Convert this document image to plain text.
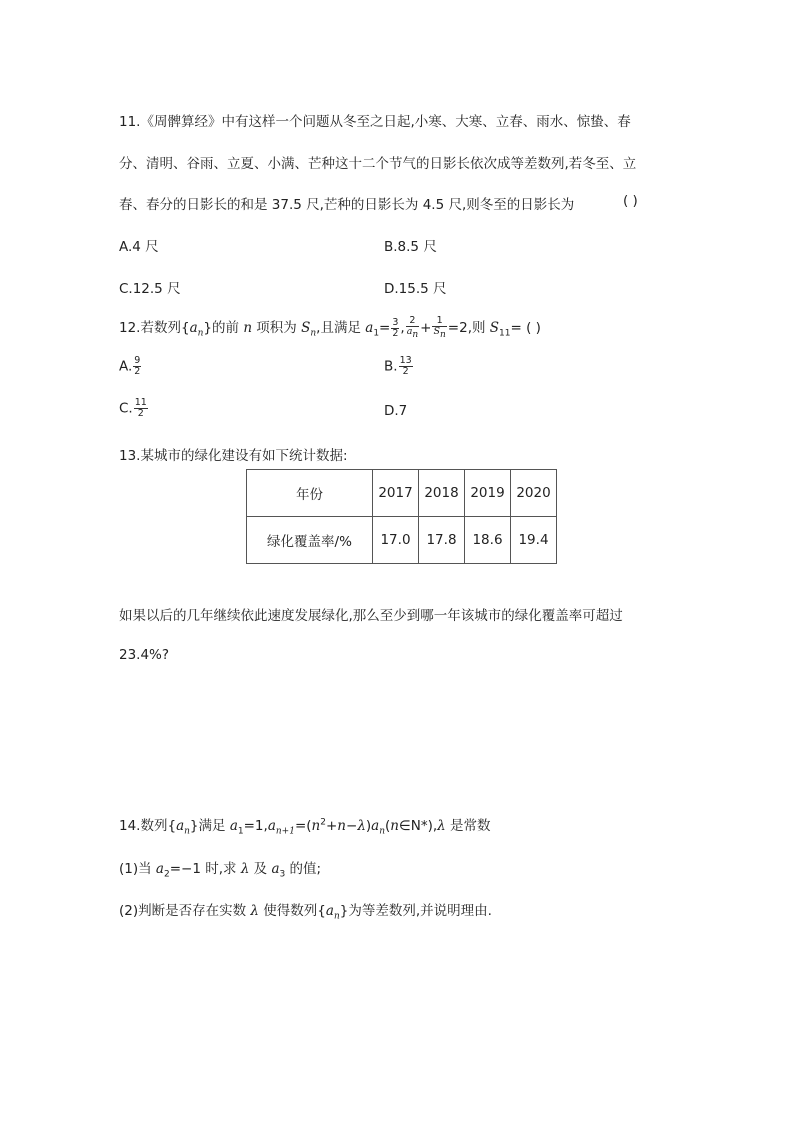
11.《周髀算经》中有这样一个问题从冬至之日起,小寒、大寒、立春、雨水、惊蛰、春
分、清明、谷雨、立夏、小满、芒种这十二个节气的日影长依次成等差数列,若冬至、立
春、春分的日影长的和是 37.5 尺,芒种的日影长为 4.5 尺,则冬至的日影长为	( )
A.4 尺	B.8.5 尺
C.12.5 尺	D.15.5 尺
12.若数列$\{a_n\}$的前 n 项积为 $S_n$,且满足 $a_1= \frac{3}{2}$ , $\frac{2}{a_n} + \frac{1}{S_n} =2$,则 $S_{11}=$ ( )
A. $\frac{9}{2}$	B. $\frac{13}{2}$
C. $\frac{11}{2}$	D.7
13.某城市的绿化建设有如下统计数据:
年份	2017	2018	2019	2020
绿化覆盖率/%	17.0	17.8	18.6	19.4
如果以后的几年继续依此速度发展绿化,那么至少到哪一年该城市的绿化覆盖率可超过
23.4%?
14.数列$\{a_n\}$满足 $a_1=1,a_{n+1}=(n^2+n-\lambda)a_n(n\in N*),\lambda$ 是常数
(1)当 $a_2=-1$ 时,求 λ 及 $a_3$ 的值;
(2)判断是否存在实数 λ 使得数列$\{a_n\}$为等差数列,并说明理由.
